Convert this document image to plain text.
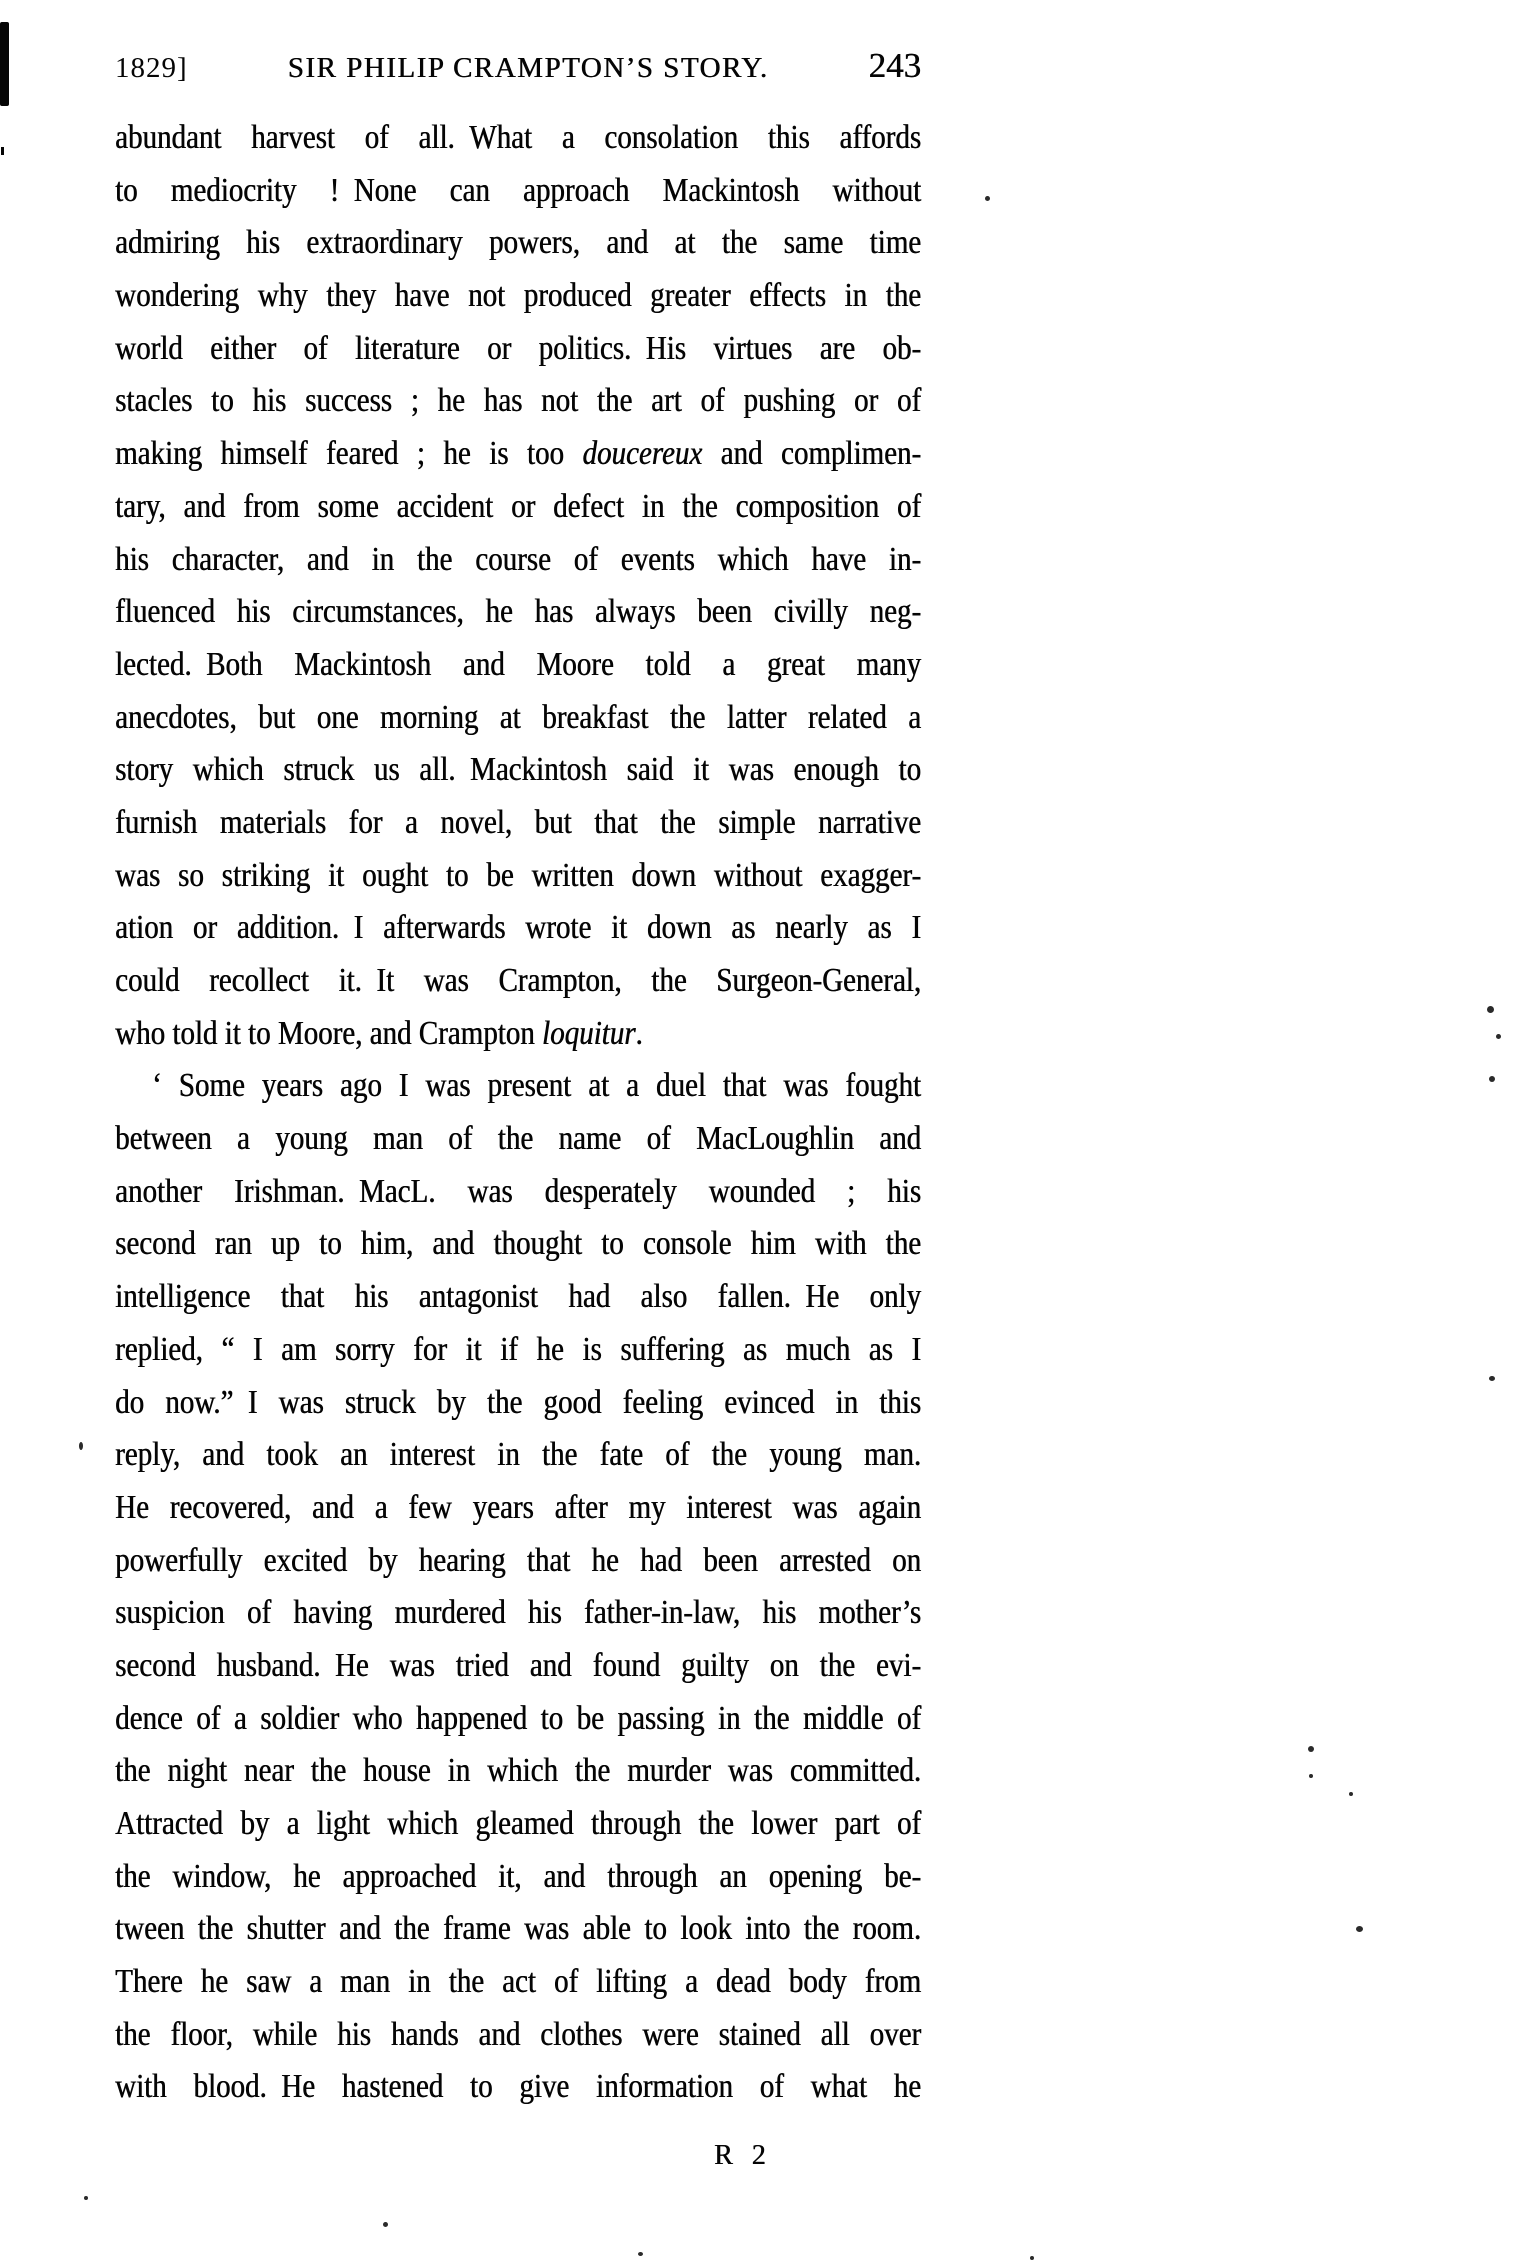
1829]	SIR PHILIP CRAMPTON’S STORY.	243
abundant harvest of all. What a consolation this affords
to mediocrity ! None can approach Mackintosh without
admiring his extraordinary powers, and at the same time
wondering why they have not produced greater effects in the
world either of literature or politics. His virtues are ob-
stacles to his success ; he has not the art of pushing or of
making himself feared ; he is too doucereux and complimen-
tary, and from some accident or defect in the composition of
his character, and in the course of events which have in-
fluenced his circumstances, he has always been civilly neg-
lected. Both Mackintosh and Moore told a great many
anecdotes, but one morning at breakfast the latter related a
story which struck us all. Mackintosh said it was enough to
furnish materials for a novel, but that the simple narrative
was so striking it ought to be written down without exagger-
ation or addition. I afterwards wrote it down as nearly as I
could recollect it. It was Crampton, the Surgeon-General,
who told it to Moore, and Crampton loquitur.
‘ Some years ago I was present at a duel that was fought
between a young man of the name of MacLoughlin and
another Irishman. MacL. was desperately wounded ; his
second ran up to him, and thought to console him with the
intelligence that his antagonist had also fallen. He only
replied, “ I am sorry for it if he is suffering as much as I
do now.” I was struck by the good feeling evinced in this
reply, and took an interest in the fate of the young man.
He recovered, and a few years after my interest was again
powerfully excited by hearing that he had been arrested on
suspicion of having murdered his father-in-law, his mother’s
second husband. He was tried and found guilty on the evi-
dence of a soldier who happened to be passing in the middle of
the night near the house in which the murder was committed.
Attracted by a light which gleamed through the lower part of
the window, he approached it, and through an opening be-
tween the shutter and the frame was able to look into the room.
There he saw a man in the act of lifting a dead body from
the floor, while his hands and clothes were stained all over
with blood. He hastened to give information of what he
R 2
